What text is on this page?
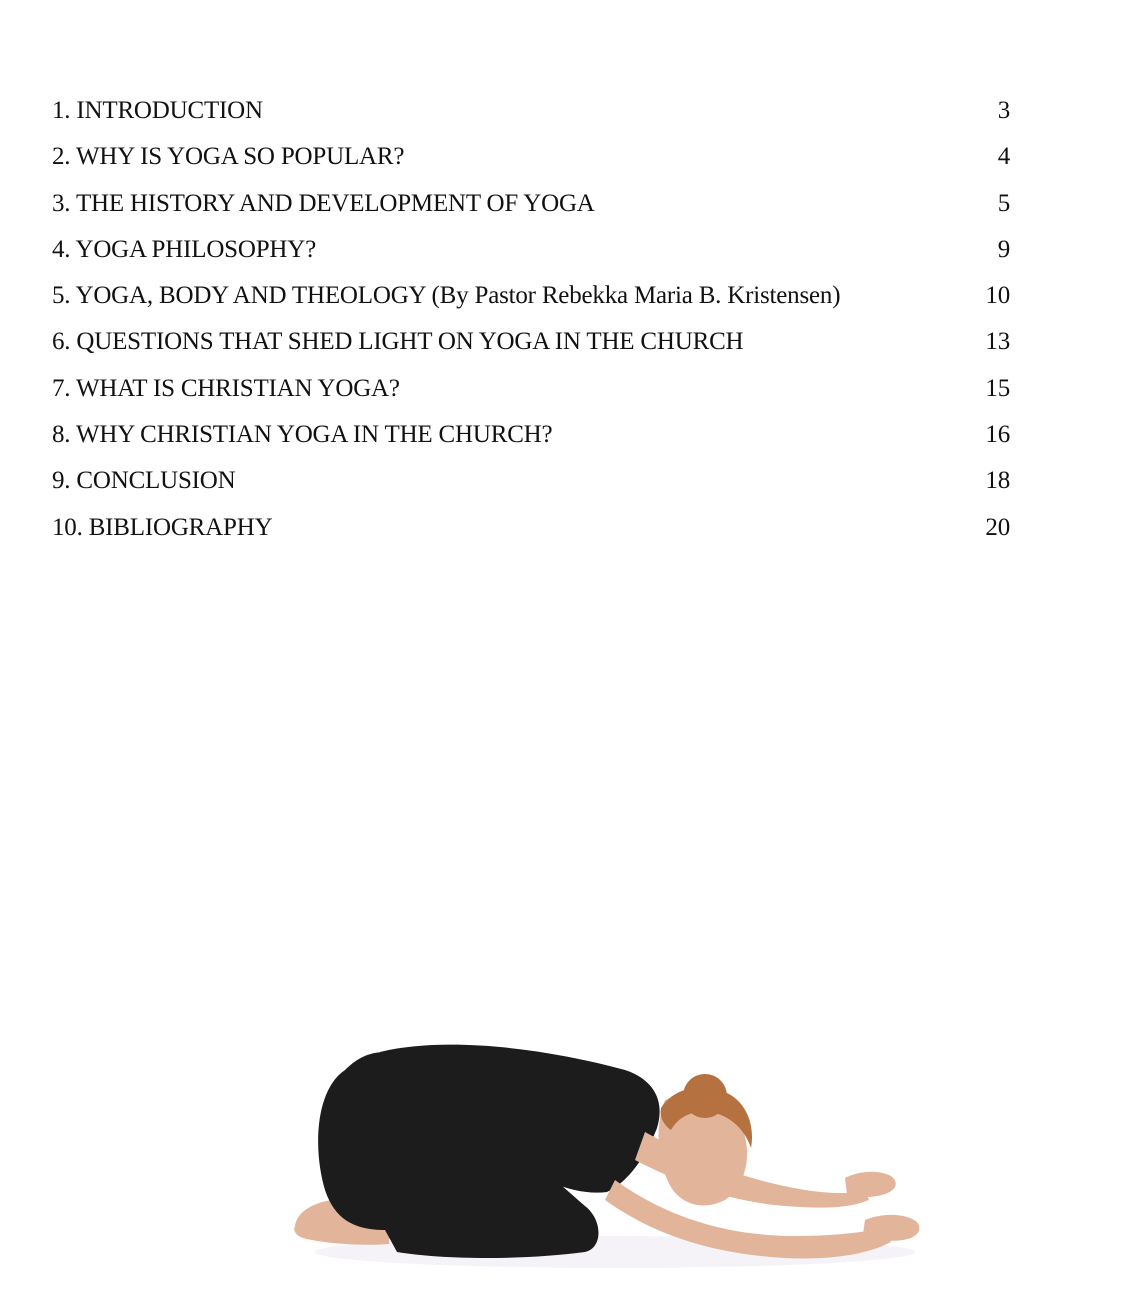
1. INTRODUCTION	3
2. WHY IS YOGA SO POPULAR?	4
3. THE HISTORY AND DEVELOPMENT OF YOGA	5
4. YOGA PHILOSOPHY?	9
5. YOGA, BODY AND THEOLOGY (By Pastor Rebekka Maria B. Kristensen)	10
6. QUESTIONS THAT SHED LIGHT ON YOGA IN THE CHURCH	13
7. WHAT IS CHRISTIAN YOGA?	15
8. WHY CHRISTIAN YOGA IN THE CHURCH?	16
9. CONCLUSION	18
10. BIBLIOGRAPHY	20
